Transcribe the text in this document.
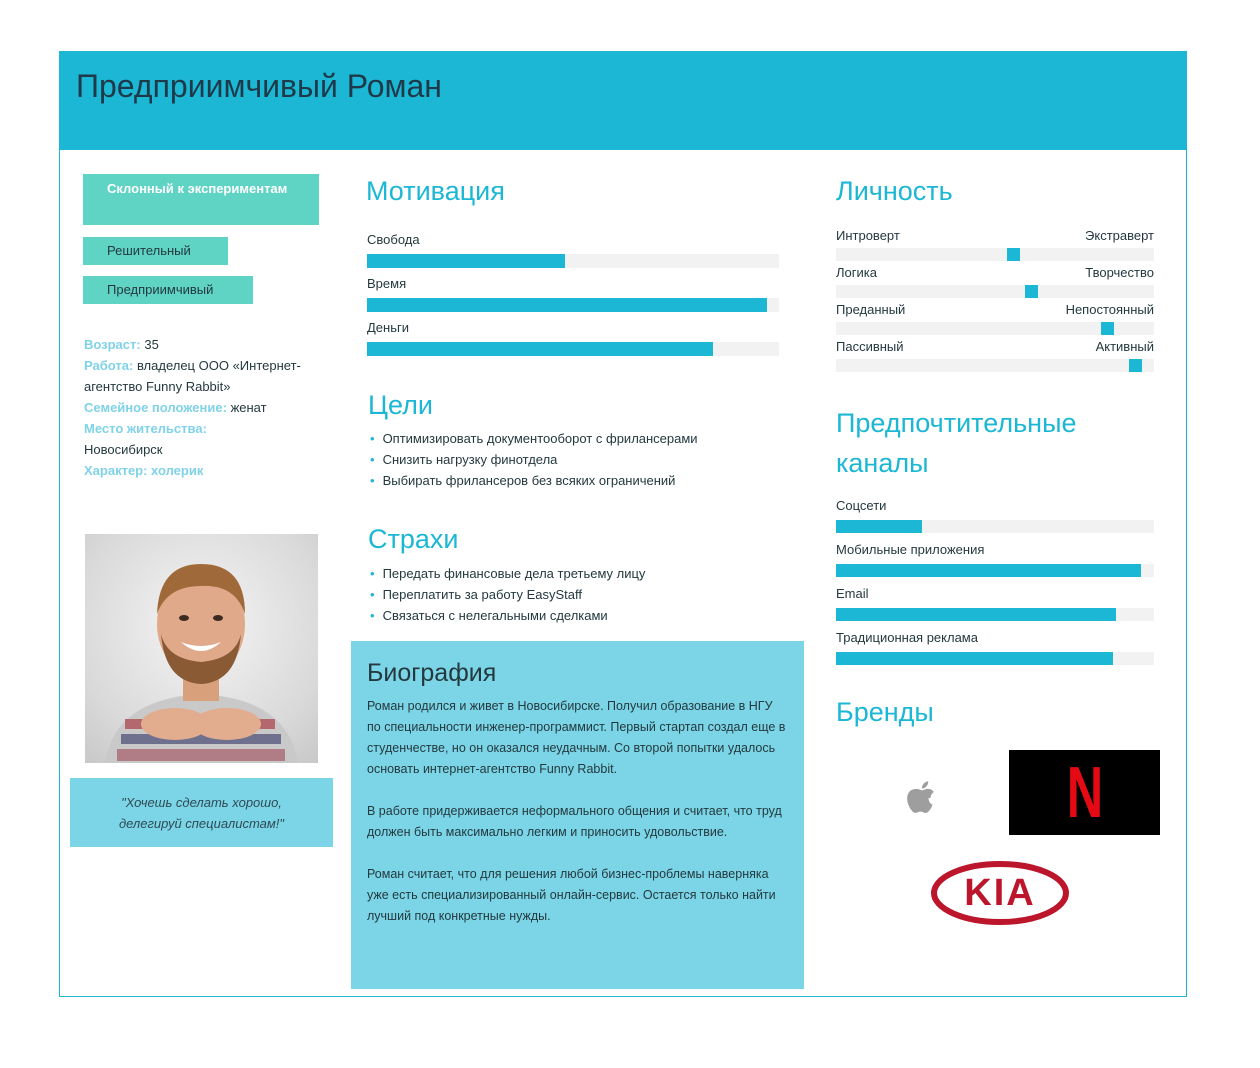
Предприимчивый Роман
Склонный к экспериментам
Решительный
Предприимчивый
Возраст: 35
Работа: владелец ООО «Интернет-агентство Funny Rabbit»
Семейное положение: женат
Место жительства:
Новосибирск
Характер: холерик
"Хочешь сделать хорошо, делегируй специалистам!"
Мотивация
Цели
• Оптимизировать документооборот с фрилансерами
• Снизить нагрузку финотдела
• Выбирать фрилансеров без всяких ограничений
Страхи
• Передать финансовые дела третьему лицу
• Переплатить за работу EasyStaff
• Связаться с нелегальными сделками
Биография

Роман родился и живет в Новосибирске. Получил образование в НГУ по специальности инженер-программист. Первый стартап создал еще в студенчестве, но он оказался неудачным. Со второй попытки удалось основать интернет-агентство Funny Rabbit.

В работе придерживается неформального общения и считает, что труд должен быть максимально легким и приносить удовольствие.

Роман считает, что для решения любой бизнес-проблемы наверняка уже есть специализированный онлайн-сервис. Остается только найти лучший под конкретные нужды.

Личность
Предпочтительные
каналы
Бренды
N
KIA
Свобода
Время
Деньги
Интроверт	Экстраверт
Логика	Творчество
Преданный	Непостоянный
Пассивный	Активный
Соцсети
Мобильные приложения
Email
Традиционная реклама
